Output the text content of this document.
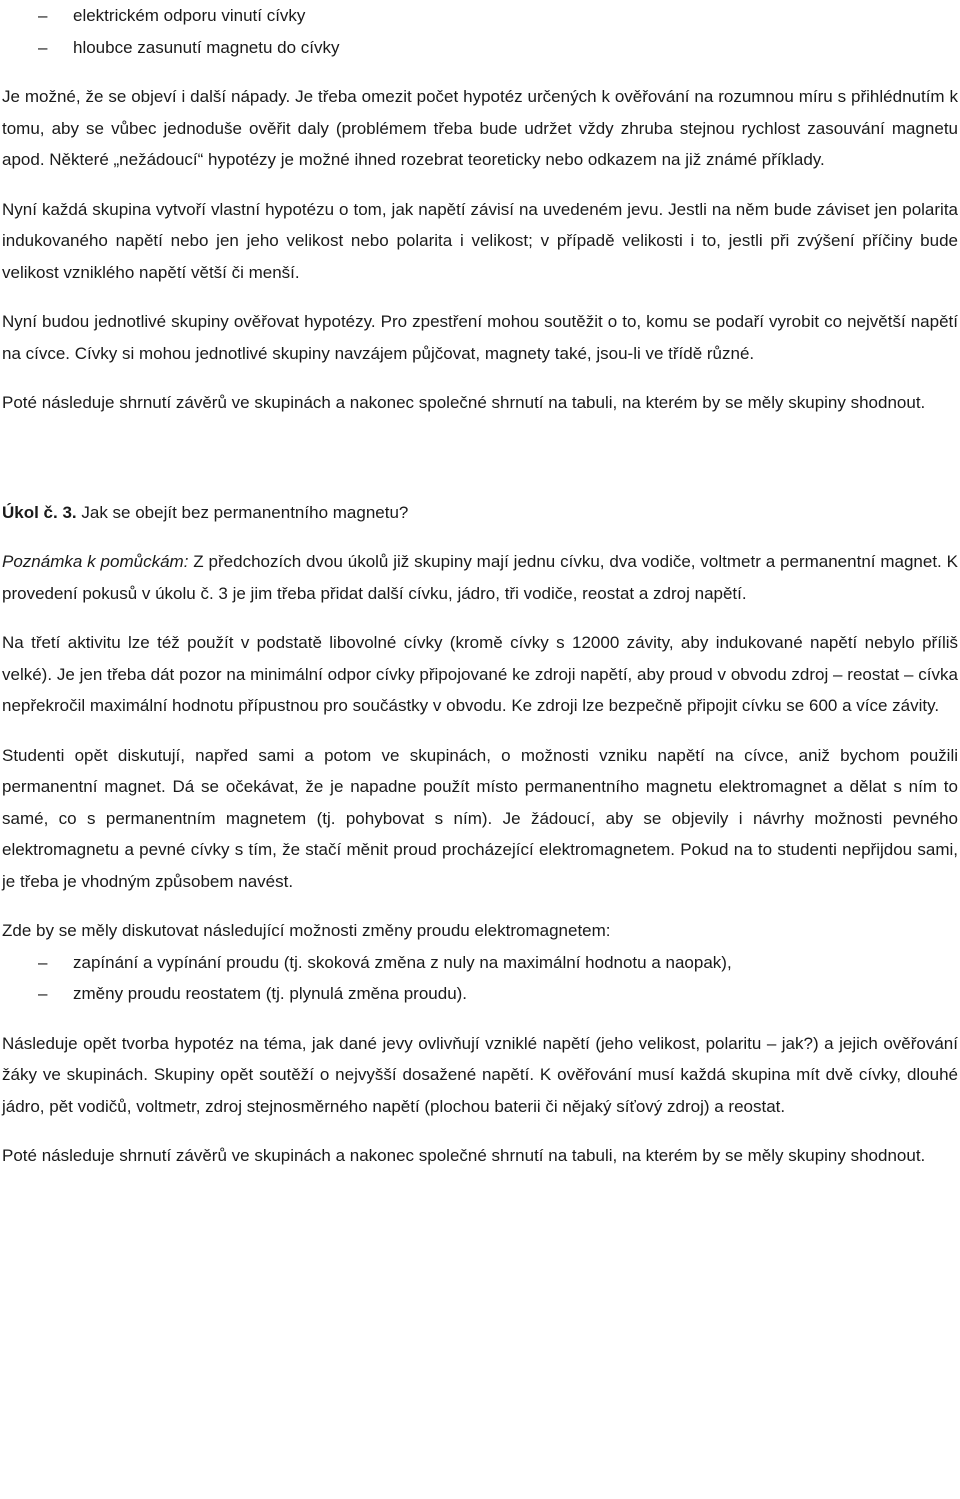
– elektrickém odporu vinutí cívky
– hloubce zasunutí magnetu do cívky

Je možné, že se objeví i další nápady. Je třeba omezit počet hypotéz určených k ověřování na rozumnou míru s přihlédnutím k tomu, aby se vůbec jednoduše ověřit daly (problémem třeba bude udržet vždy zhruba stejnou rychlost zasouvání magnetu apod. Některé „nežádoucí“ hypotézy je možné ihned rozebrat teoreticky nebo odkazem na již známé příklady.

Nyní každá skupina vytvoří vlastní hypotézu o tom, jak napětí závisí na uvedeném jevu. Jestli na něm bude záviset jen polarita indukovaného napětí nebo jen jeho velikost nebo polarita i velikost; v případě velikosti i to, jestli při zvýšení příčiny bude velikost vzniklého napětí větší či menší.

Nyní budou jednotlivé skupiny ověřovat hypotézy. Pro zpestření mohou soutěžit o to, komu se podaří vyrobit co největší napětí na cívce. Cívky si mohou jednotlivé skupiny navzájem půjčovat, magnety také, jsou-li ve třídě různé.

Poté následuje shrnutí závěrů ve skupinách a nakonec společné shrnutí na tabuli, na kterém by se měly skupiny shodnout.

Úkol č. 3. Jak se obejít bez permanentního magnetu?

Poznámka k pomůckám: Z předchozích dvou úkolů již skupiny mají jednu cívku, dva vodiče, voltmetr a permanentní magnet. K provedení pokusů v úkolu č. 3 je jim třeba přidat další cívku, jádro, tři vodiče, reostat a zdroj napětí.

Na třetí aktivitu lze též použít v podstatě libovolné cívky (kromě cívky s 12000 závity, aby indukované napětí nebylo příliš velké). Je jen třeba dát pozor na minimální odpor cívky připojované ke zdroji napětí, aby proud v obvodu zdroj – reostat – cívka nepřekročil maximální hodnotu přípustnou pro součástky v obvodu. Ke zdroji lze bezpečně připojit cívku se 600 a více závity.

Studenti opět diskutují, napřed sami a potom ve skupinách, o možnosti vzniku napětí na cívce, aniž bychom použili permanentní magnet. Dá se očekávat, že je napadne použít místo permanentního magnetu elektromagnet a dělat s ním to samé, co s permanentním magnetem (tj. pohybovat s ním). Je žádoucí, aby se objevily i návrhy možnosti pevného elektromagnetu a pevné cívky s tím, že stačí měnit proud procházející elektromagnetem. Pokud na to studenti nepřijdou sami, je třeba je vhodným způsobem navést.

Zde by se měly diskutovat následující možnosti změny proudu elektromagnetem:

– zapínání a vypínání proudu (tj. skoková změna z nuly na maximální hodnotu a naopak),
– změny proudu reostatem (tj. plynulá změna proudu).

Následuje opět tvorba hypotéz na téma, jak dané jevy ovlivňují vzniklé napětí (jeho velikost, polaritu – jak?) a jejich ověřování žáky ve skupinách. Skupiny opět soutěží o nejvyšší dosažené napětí. K ověřování musí každá skupina mít dvě cívky, dlouhé jádro, pět vodičů, voltmetr, zdroj stejnosměrného napětí (plochou baterii či nějaký síťový zdroj) a reostat.

Poté následuje shrnutí závěrů ve skupinách a nakonec společné shrnutí na tabuli, na kterém by se měly skupiny shodnout.
